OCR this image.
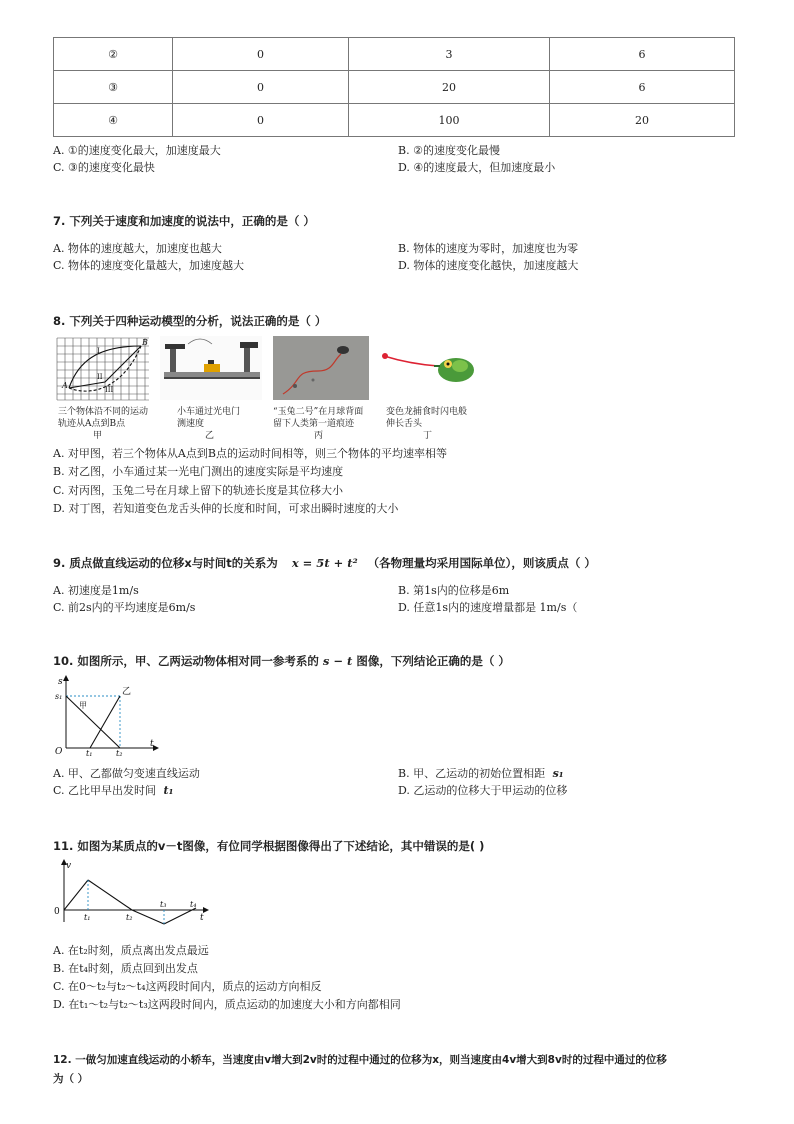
②	0	3	6
③	0	20	6
④	0	100	20
A. ①的速度变化最大，加速度最大	B. ②的速度变化最慢
C. ③的速度变化最快	D. ④的速度最大，但加速度最小
7. 下列关于速度和加速度的说法中，正确的是（ ）
A. 物体的速度越大，加速度也越大	B. 物体的速度为零时，加速度也为零
C. 物体的速度变化量越大，加速度越大	D. 物体的速度变化越快，加速度越大
8. 下列关于四种运动模型的分析，说法正确的是（ ）
A
B
I
II
III
三个物体沿不同的运动
轨迹从A点到B点
甲
小车通过光电门
测速度
乙
“玉兔二号”在月球背面
留下人类第一道痕迹
丙
变色龙捕食时闪电般
伸长舌头
丁
A. 对甲图，若三个物体从A点到B点的运动时间相等，则三个物体的平均速率相等
B. 对乙图，小车通过某一光电门测出的速度实际是平均速度
C. 对丙图，玉兔二号在月球上留下的轨迹长度是其位移大小
D. 对丁图，若知道变色龙舌头伸的长度和时间，可求出瞬时速度的大小
9. 质点做直线运动的位移x与时间t的关系为 x = 5t + t² （各物理量均采用国际单位），则该质点（ ）
A. 初速度是1m/s	B. 第1s内的位移是6m
C. 前2s内的平均速度是6m/s	D. 任意1s内的速度增量都是 1m/s（
10. 如图所示，甲、乙两运动物体相对同一参考系的 s − t 图像，下列结论正确的是（ ）
s
t
O
s₁
t₁	t₂
甲
乙
A. 甲、乙都做匀变速直线运动	B. 甲、乙运动的初始位置相距 s₁
C. 乙比甲早出发时间 t₁	D. 乙运动的位移大于甲运动的位移
11. 如图为某质点的v－t图像，有位同学根据图像得出了下述结论，其中错误的是( )
v
t
0
t₁	t₂
t₃	t₄
A. 在t₂时刻，质点离出发点最远
B. 在t₄时刻，质点回到出发点
C. 在0～t₂与t₂～t₄这两段时间内，质点的运动方向相反
D. 在t₁～t₂与t₂～t₃这两段时间内，质点运动的加速度大小和方向都相同
12. 一做匀加速直线运动的小轿车，当速度由v增大到2v时的过程中通过的位移为x，则当速度由4v增大到8v时的过程中通过的位移
为（ ）
